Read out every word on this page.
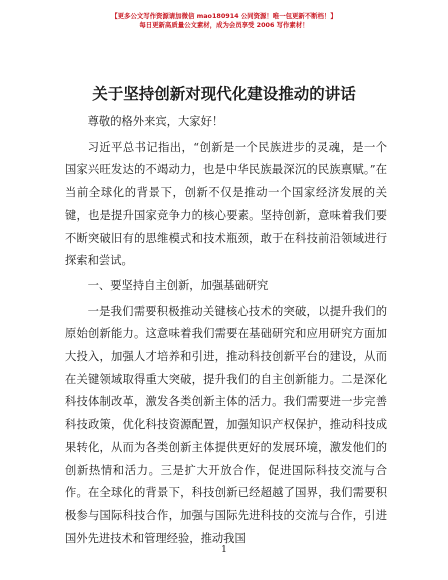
【更多公文写作资源请加微信 mao180914 公同资源！唯一包更新不断档！】
每日更新高质量公文素材，成为会员享受 2006 写作素材！
关于坚持创新对现代化建设推动的讲话

尊敬的格外来宾，大家好！

习近平总书记指出，“创新是一个民族进步的灵魂，是一个国家兴旺发达的不竭动力，也是中华民族最深沉的民族禀赋。”在当前全球化的背景下，创新不仅是推动一个国家经济发展的关键，也是提升国家竞争力的核心要素。坚持创新，意味着我们要不断突破旧有的思维模式和技术瓶颈，敢于在科技前沿领域进行探索和尝试。

一、要坚持自主创新，加强基础研究

一是我们需要积极推动关键核心技术的突破，以提升我们的原始创新能力。这意味着我们需要在基础研究和应用研究方面加大投入，加强人才培养和引进，推动科技创新平台的建设，从而在关键领域取得重大突破，提升我们的自主创新能力。二是深化科技体制改革，激发各类创新主体的活力。我们需要进一步完善科技政策，优化科技资源配置，加强知识产权保护，推动科技成果转化，从而为各类创新主体提供更好的发展环境，激发他们的创新热情和活力。三是扩大开放合作，促进国际科技交流与合作。在全球化的背景下，科技创新已经超越了国界，我们需要积极参与国际科技合作，加强与国际先进科技的交流与合作，引进国外先进技术和管理经验，推动我国

1
